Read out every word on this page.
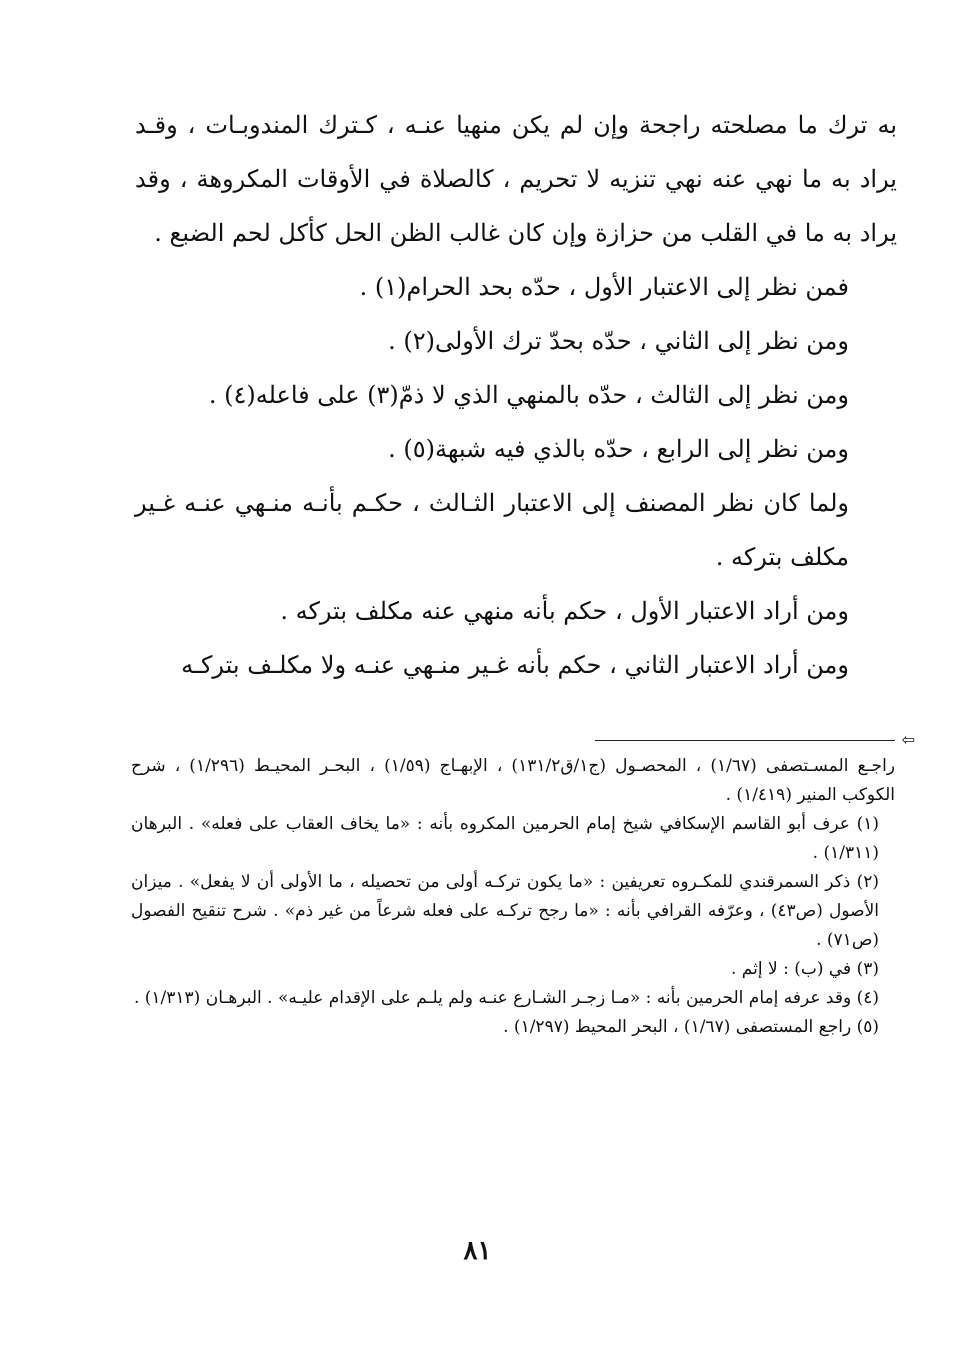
به ترك ما مصلحته راجحة وإن لم يكن منهيا عنـه ، كـترك المندوبـات ، وقـد يراد به ما نهي عنه نهي تنزيه لا تحريم ، كالصلاة في الأوقات المكروهة ، وقد يراد به ما في القلب من حزازة وإن كان غالب الظن الحل كأكل لحم الضبع .

فمن نظر إلى الاعتبار الأول ، حدّه بحد الحرام(١) .

ومن نظر إلى الثاني ، حدّه بحدّ ترك الأولى(٢) .

ومن نظر إلى الثالث ، حدّه بالمنهي الذي لا ذمّ(٣) على فاعله(٤) .

ومن نظر إلى الرابع ، حدّه بالذي فيه شبهة(٥) .

ولما كان نظر المصنف إلى الاعتبار الثـالث ، حكـم بأنـه منـهي عنـه غـير مكلف بتركه .

ومن أراد الاعتبار الأول ، حكم بأنه منهي عنه مكلف بتركه .

ومن أراد الاعتبار الثاني ، حكم بأنه غـير منـهي عنـه ولا مكلـف بتركـه

⇦

راجـع المسـتصفى (١/٦٧) ، المحصـول (ج١/ق١٣١/٢) ، الإبهـاج (١/٥٩) ، البحـر المحيـط (١/٢٩٦) ، شرح الكوكب المنير (١/٤١٩) .

(١) عرف أبو القاسم الإسكافي شيخ إمام الحرمين المكروه بأنه : «ما يخاف العقاب على فعله» . البرهان (١/٣١١) .

(٢) ذكر السمرقندي للمكـروه تعريفين : «ما يكون تركـه أولى من تحصيله ، ما الأولى أن لا يفعل» . ميزان الأصول (ص٤٣) ، وعرّفه القرافي بأنه : «ما رجح تركـه على فعله شرعاً من غير ذم» . شرح تنقيح الفصول (ص٧١) .

(٣) في (ب) : لا إثم .

(٤) وقد عرفه إمام الحرمين بأنه : «مـا زجـر الشـارع عنـه ولم يلـم على الإقدام عليـه» . البرهـان (١/٣١٣) .

(٥) راجع المستصفى (١/٦٧) ، البحر المحيط (١/٢٩٧) .

٨١
